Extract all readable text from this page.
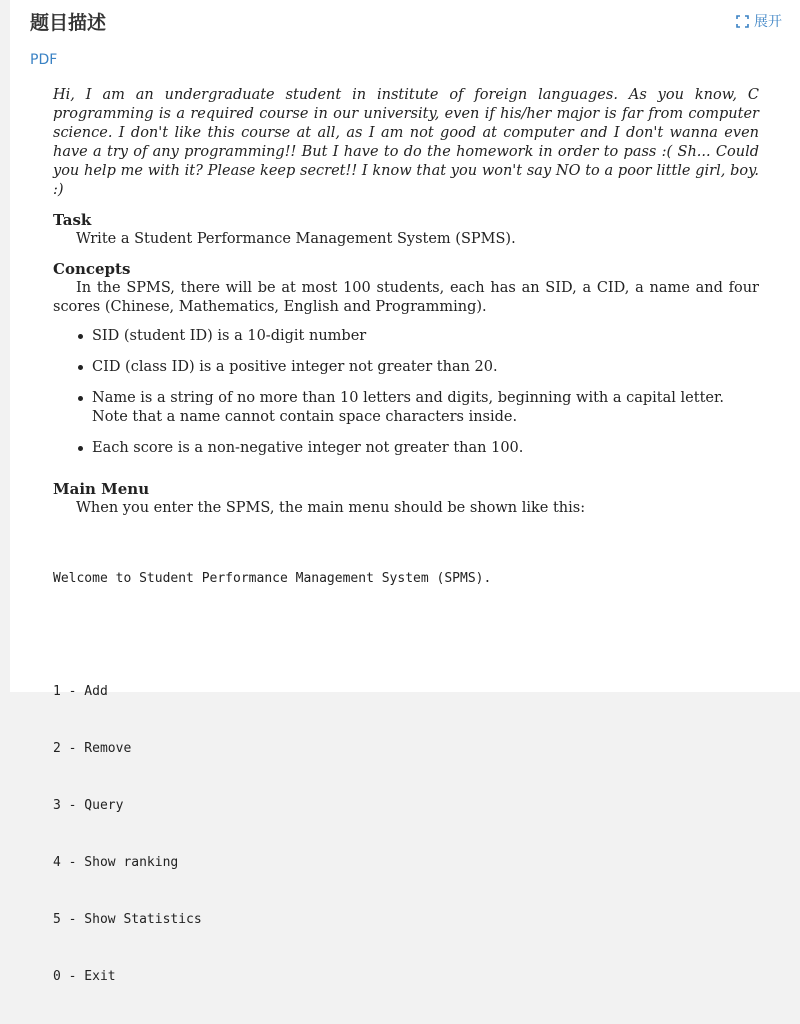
题目描述	展开
PDF

Hi, I am an undergraduate student in institute of foreign languages. As you know, C programming is a required course in our university, even if his/her major is far from computer science. I don't like this course at all, as I am not good at computer and I don't wanna even have a try of any programming!! But I have to do the homework in order to pass :( Sh... Could you help me with it? Please keep secret!! I know that you won't say NO to a poor little girl, boy. :)

Task

Write a Student Performance Management System (SPMS).

Concepts

In the SPMS, there will be at most 100 students, each has an SID, a CID, a name and four scores (Chinese, Mathematics, English and Programming).

SID (student ID) is a 10-digit number
CID (class ID) is a positive integer not greater than 20.
Name is a string of no more than 10 letters and digits, beginning with a capital letter. Note that a name cannot contain space characters inside.
Each score is a non-negative integer not greater than 100.
Main Menu

When you enter the SPMS, the main menu should be shown like this:

Welcome to Student Performance Management System (SPMS).

1 - Add

2 - Remove

3 - Query

4 - Show ranking

5 - Show Statistics

0 - Exit
